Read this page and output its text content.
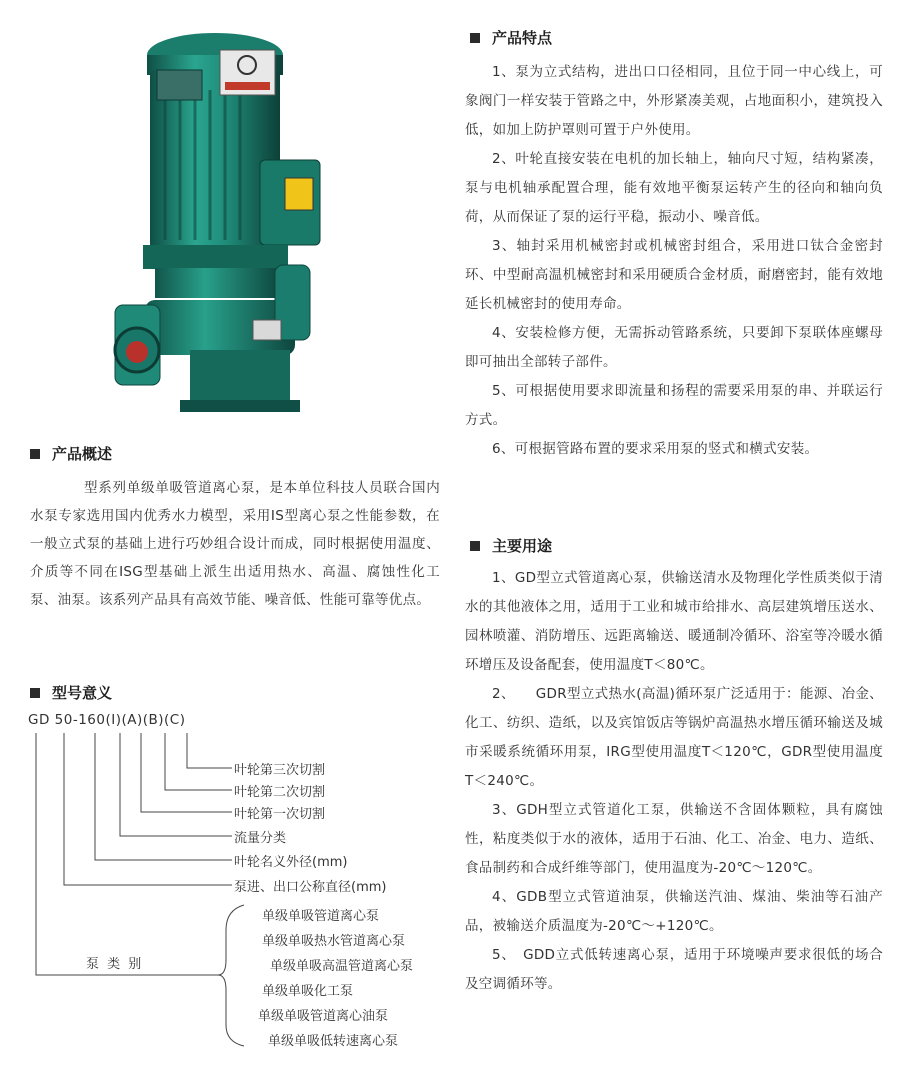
产品概述

型系列单级单吸管道离心泵，是本单位科技人员联合国内水泵专家选用国内优秀水力模型，采用IS型离心泵之性能参数，在一般立式泵的基础上进行巧妙组合设计而成，同时根据使用温度、介质等不同在ISG型基础上派生出适用热水、高温、腐蚀性化工泵、油泵。该系列产品具有高效节能、噪音低、性能可靠等优点。

型号意义
GD 50-160(I)(A)(B)(C)
叶轮第三次切割
叶轮第二次切割
叶轮第一次切割
流量分类
叶轮名义外径(mm)
泵进、出口公称直径(mm)
泵 类 别
单级单吸管道离心泵
单级单吸热水管道离心泵
单级单吸高温管道离心泵
单级单吸化工泵
单级单吸管道离心油泵
单级单吸低转速离心泵
产品特点

1、泵为立式结构，进出口口径相同，且位于同一中心线上，可象阀门一样安装于管路之中，外形紧凑美观，占地面积小，建筑投入低，如加上防护罩则可置于户外使用。

2、叶轮直接安装在电机的加长轴上，轴向尺寸短，结构紧凑，泵与电机轴承配置合理，能有效地平衡泵运转产生的径向和轴向负荷，从而保证了泵的运行平稳，振动小、噪音低。

3、轴封采用机械密封或机械密封组合，采用进口钛合金密封环、中型耐高温机械密封和采用硬质合金材质，耐磨密封，能有效地延长机械密封的使用寿命。

4、安装检修方便，无需拆动管路系统，只要卸下泵联体座螺母即可抽出全部转子部件。

5、可根据使用要求即流量和扬程的需要采用泵的串、并联运行方式。

6、可根据管路布置的要求采用泵的竖式和横式安装。

主要用途

1、GD型立式管道离心泵，供输送清水及物理化学性质类似于清水的其他液体之用，适用于工业和城市给排水、高层建筑增压送水、园林喷灌、消防增压、远距离输送、暖通制冷循环、浴室等冷暖水循环增压及设备配套，使用温度T＜80℃。

2、　　GDR型立式热水(高温)循环泵广泛适用于：能源、冶金、化工、纺织、造纸，以及宾馆饭店等锅炉高温热水增压循环输送及城市采暖系统循环用泵，IRG型使用温度T＜120℃，GDR型使用温度T＜240℃。

3、GDH型立式管道化工泵，供输送不含固体颗粒，具有腐蚀性，粘度类似于水的液体，适用于石油、化工、冶金、电力、造纸、食品制药和合成纤维等部门，使用温度为-20℃～120℃。

4、GDB型立式管道油泵，供输送汽油、煤油、柴油等石油产品，被输送介质温度为-20℃～+120℃。

5、　GDD立式低转速离心泵，适用于环境噪声要求很低的场合及空调循环等。
